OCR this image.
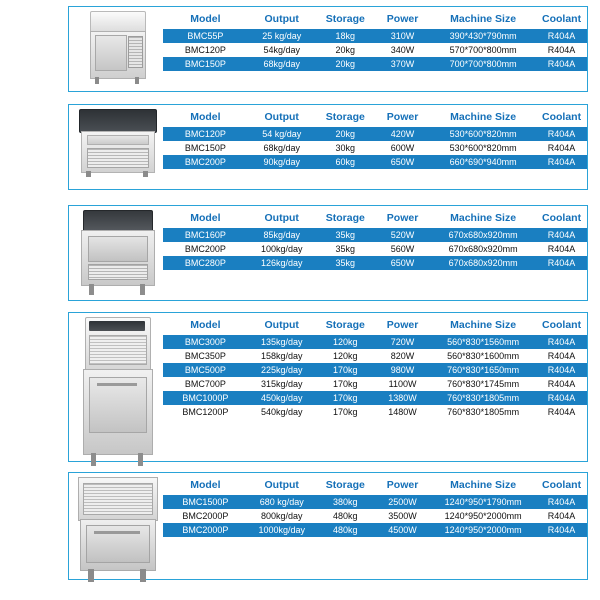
Model	Output	Storage	Power	Machine Size	Coolant
BMC55P	25 kg/day	18kg	310W	390*430*790mm	R404A
BMC120P	54kg/day	20kg	340W	570*700*800mm	R404A
BMC150P	68kg/day	20kg	370W	700*700*800mm	R404A
Model	Output	Storage	Power	Machine Size	Coolant
BMC120P	54 kg/day	20kg	420W	530*600*820mm	R404A
BMC150P	68kg/day	30kg	600W	530*600*820mm	R404A
BMC200P	90kg/day	60kg	650W	660*690*940mm	R404A
Model	Output	Storage	Power	Machine Size	Coolant
BMC160P	85kg/day	35kg	520W	670x680x920mm	R404A
BMC200P	100kg/day	35kg	560W	670x680x920mm	R404A
BMC280P	126kg/day	35kg	650W	670x680x920mm	R404A
Model	Output	Storage	Power	Machine Size	Coolant
BMC300P	135kg/day	120kg	720W	560*830*1560mm	R404A
BMC350P	158kg/day	120kg	820W	560*830*1600mm	R404A
BMC500P	225kg/day	170kg	980W	760*830*1650mm	R404A
BMC700P	315kg/day	170kg	1100W	760*830*1745mm	R404A
BMC1000P	450kg/day	170kg	1380W	760*830*1805mm	R404A
BMC1200P	540kg/day	170kg	1480W	760*830*1805mm	R404A
Model	Output	Storage	Power	Machine Size	Coolant
BMC1500P	680 kg/day	380kg	2500W	1240*950*1790mm	R404A
BMC2000P	800kg/day	480kg	3500W	1240*950*2000mm	R404A
BMC2000P	1000kg/day	480kg	4500W	1240*950*2000mm	R404A
